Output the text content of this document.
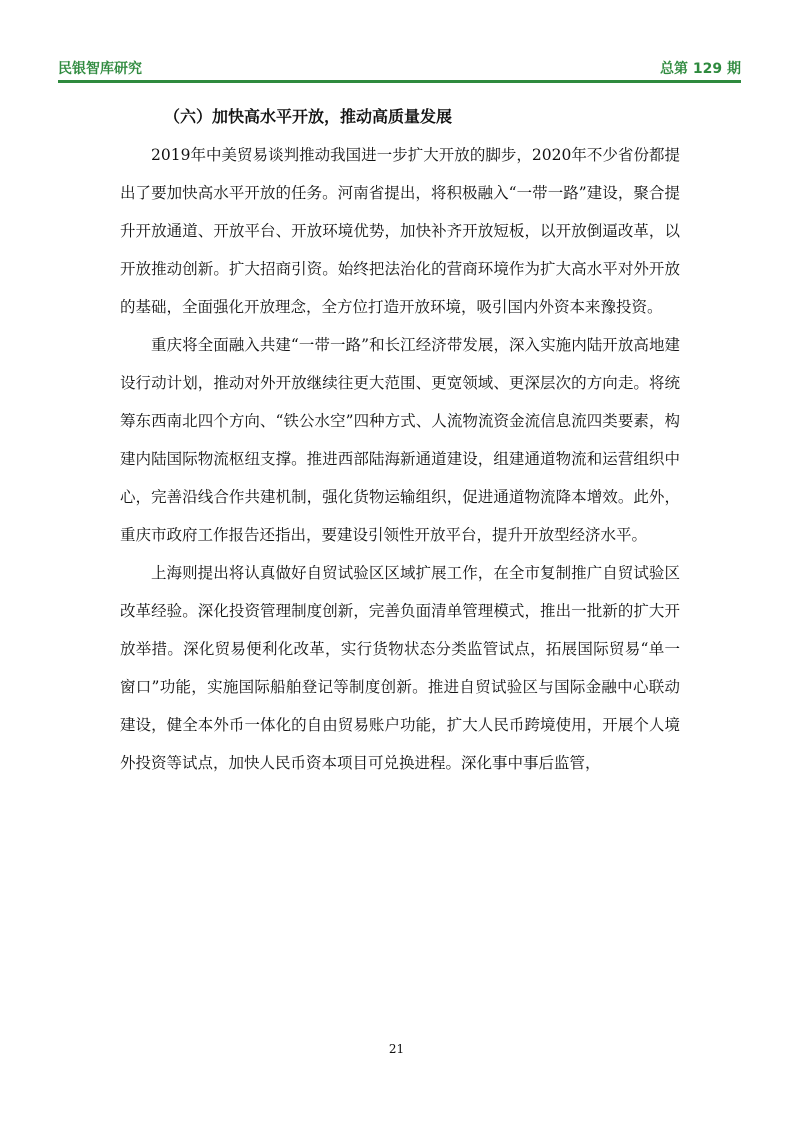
民银智库研究	总第 129 期

（六）加快高水平开放，推动高质量发展

2019年中美贸易谈判推动我国进一步扩大开放的脚步，2020年不少省份都提出了要加快高水平开放的任务。河南省提出，将积极融入“一带一路”建设，聚合提升开放通道、开放平台、开放环境优势，加快补齐开放短板，以开放倒逼改革，以开放推动创新。扩大招商引资。始终把法治化的营商环境作为扩大高水平对外开放的基础，全面强化开放理念，全方位打造开放环境，吸引国内外资本来豫投资。

重庆将全面融入共建“一带一路”和长江经济带发展，深入实施内陆开放高地建设行动计划，推动对外开放继续往更大范围、更宽领域、更深层次的方向走。将统筹东西南北四个方向、“铁公水空”四种方式、人流物流资金流信息流四类要素，构建内陆国际物流枢纽支撑。推进西部陆海新通道建设，组建通道物流和运营组织中心，完善沿线合作共建机制，强化货物运输组织，促进通道物流降本增效。此外，重庆市政府工作报告还指出，要建设引领性开放平台，提升开放型经济水平。

上海则提出将认真做好自贸试验区区域扩展工作，在全市复制推广自贸试验区改革经验。深化投资管理制度创新，完善负面清单管理模式，推出一批新的扩大开放举措。深化贸易便利化改革，实行货物状态分类监管试点，拓展国际贸易“单一窗口”功能，实施国际船舶登记等制度创新。推进自贸试验区与国际金融中心联动建设，健全本外币一体化的自由贸易账户功能，扩大人民币跨境使用，开展个人境外投资等试点，加快人民币资本项目可兑换进程。深化事中事后监管，

21
